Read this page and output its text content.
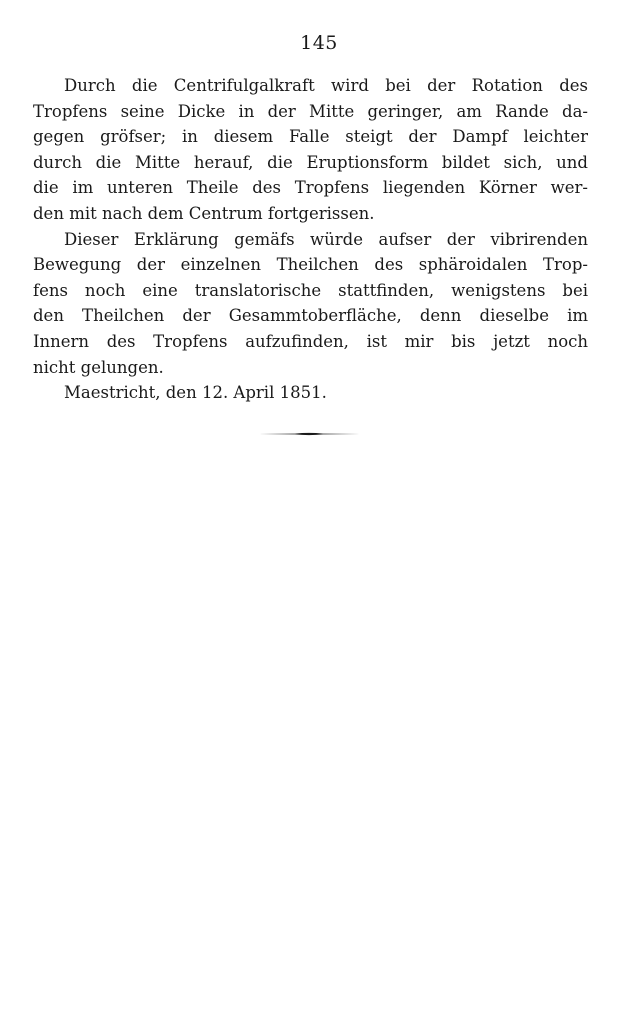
145
Durch die Centrifulgalkraft wird bei der Rotation des
Tropfens seine Dicke in der Mitte geringer, am Rande da-
gegen gröfser; in diesem Falle steigt der Dampf leichter
durch die Mitte herauf, die Eruptionsform bildet sich, und
die im unteren Theile des Tropfens liegenden Körner wer-
den mit nach dem Centrum fortgerissen.
Dieser Erklärung gemäfs würde aufser der vibrirenden
Bewegung der einzelnen Theilchen des sphäroidalen Trop-
fens noch eine translatorische stattfinden, wenigstens bei
den Theilchen der Gesammtoberfläche, denn dieselbe im
Innern des Tropfens aufzufinden, ist mir bis jetzt noch
nicht gelungen.
Maestricht, den 12. April 1851.
